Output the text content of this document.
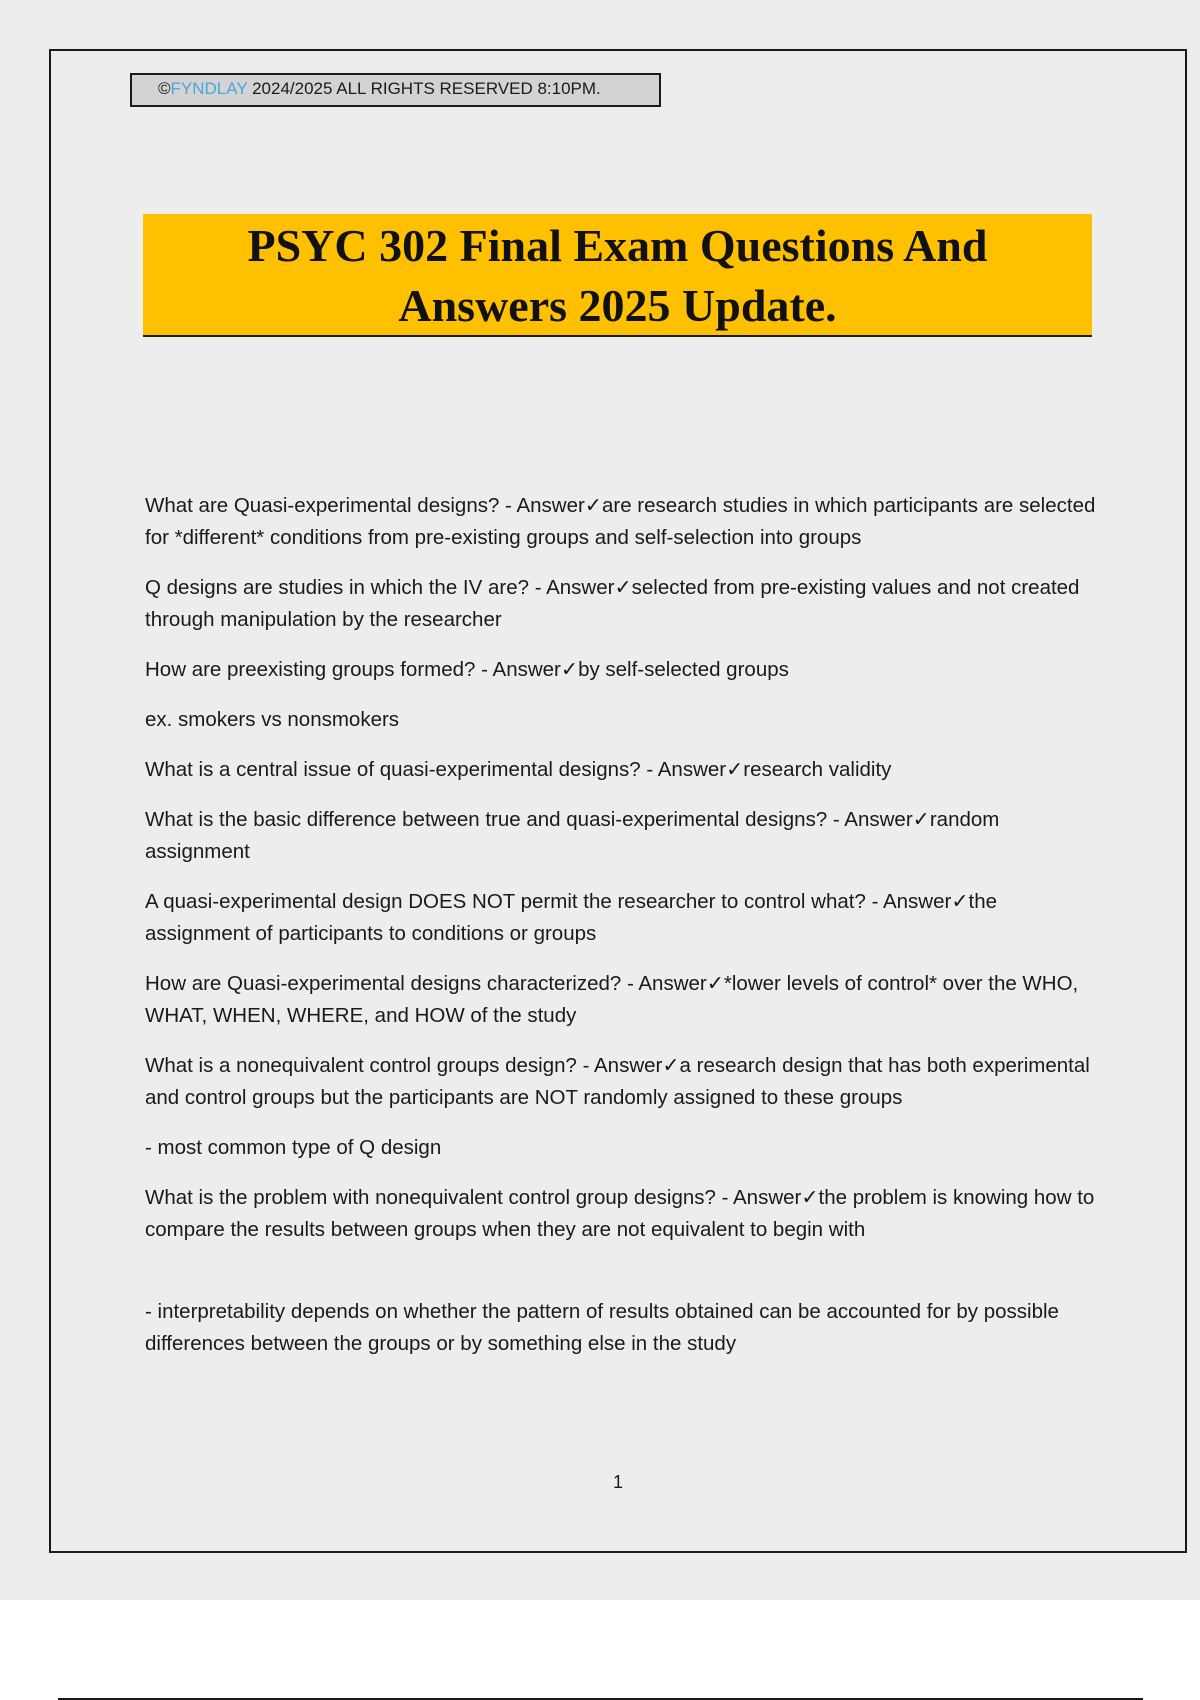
©FYNDLAY 2024/2025 ALL RIGHTS RESERVED 8:10PM.
PSYC 302 Final Exam Questions And
Answers 2025 Update.

What are Quasi-experimental designs? - Answer✓are research studies in which participants are selected for *different* conditions from pre-existing groups and self-selection into groups

Q designs are studies in which the IV are? - Answer✓selected from pre-existing values and not created through manipulation by the researcher

How are preexisting groups formed? - Answer✓by self-selected groups

ex. smokers vs nonsmokers

What is a central issue of quasi-experimental designs? - Answer✓research validity

What is the basic difference between true and quasi-experimental designs? - Answer✓random assignment

A quasi-experimental design DOES NOT permit the researcher to control what? - Answer✓the assignment of participants to conditions or groups

How are Quasi-experimental designs characterized? - Answer✓*lower levels of control* over the WHO, WHAT, WHEN, WHERE, and HOW of the study

What is a nonequivalent control groups design? - Answer✓a research design that has both experimental and control groups but the participants are NOT randomly assigned to these groups

- most common type of Q design

What is the problem with nonequivalent control group designs? - Answer✓the problem is knowing how to compare the results between groups when they are not equivalent to begin with

- interpretability depends on whether the pattern of results obtained can be accounted for by possible differences between the groups or by something else in the study

1
